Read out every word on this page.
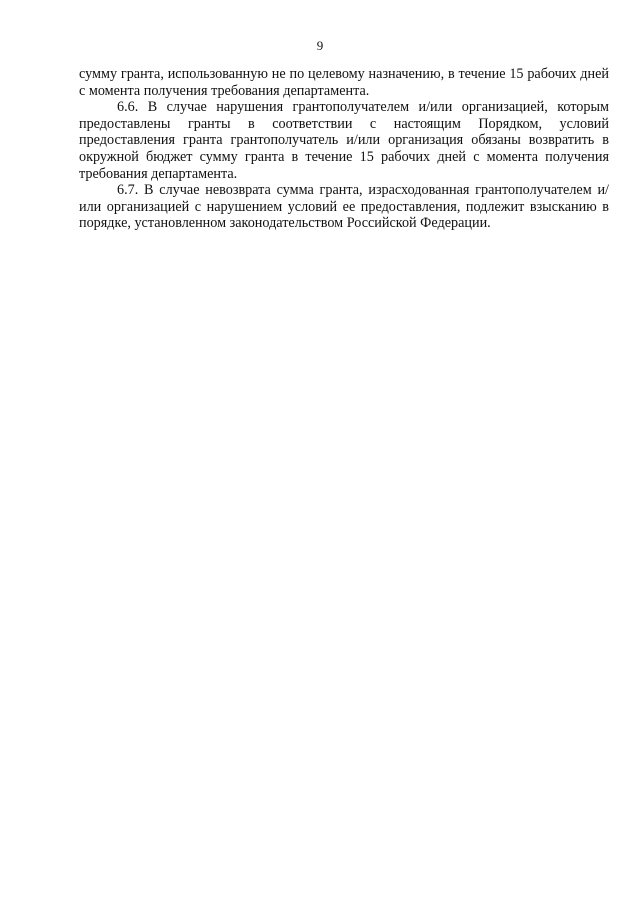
9

сумму гранта, использованную не по целевому назначению, в течение 15 рабочих дней с момента получения требования департамента.

6.6. В случае нарушения грантополучателем и/или организацией, которым предоставлены гранты в соответствии с настоящим Порядком, условий предоставления гранта грантополучатель и/или организация обязаны возвратить в окружной бюджет сумму гранта в течение 15 рабочих дней с момента получения требования департамента.

6.7. В случае невозврата сумма гранта, израсходованная грантополучателем и/или организацией с нарушением условий ее предоставления, подлежит взысканию в порядке, установленном законодательством Российской Федерации.
